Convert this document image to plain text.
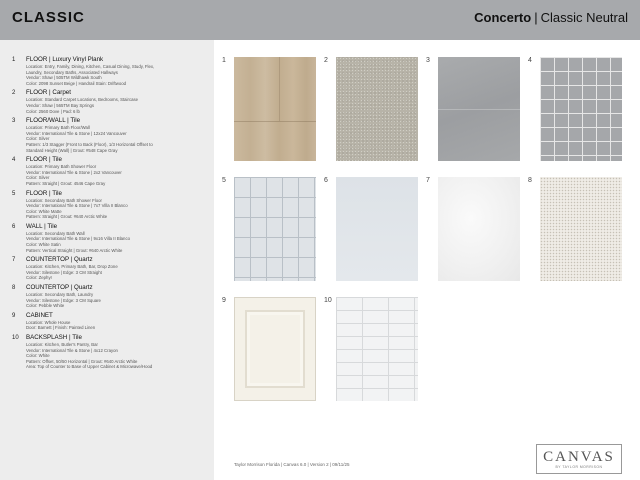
CLASSIC	Concerto | Classic Neutral
1	FLOOR | Luxury Vinyl Plank
Location: Entry, Family, Dining, Kitchen, Casual Dining, Study, Flex,
Laundry, Secondary Baths, Associated Hallways
Vendor: Shaw | 505TM Wildhawk South
Color: 2098 Sunset Beige | Handrail Stain: Driftwood
2	FLOOR | Carpet
Location: Standard Carpet Locations, Bedrooms, Staircase
Vendor: Shaw | 565TM Bay Springs
Color: 2560 Dove | Pad: 6 lb
3	FLOOR/WALL | Tile
Location: Primary Bath Floor/Wall
Vendor: International Tile & Stone | 12x24 Vancouver
Color: Silver
Pattern: 1/3 Stagger (Front to Back (Floor), 1/3 Horizontal Offset to
Standard Height (Wall) | Grout: #548 Cape Gray
4	FLOOR | Tile
Location: Primary Bath Shower Floor
Vendor: International Tile & Stone | 2x2 Vancouver
Color: Silver
Pattern: Straight | Grout: 4546 Cape Gray
5	FLOOR | Tile
Location: Secondary Bath Shower Floor
Vendor: International Tile & Stone | 7x7 Villa II Blanco
Color: White Matte
Pattern: Straight | Grout: #640 Arctic White
6	WALL | Tile
Location: Secondary Bath Wall
Vendor: International Tile & Stone | 9x16 Villa II Blanco
Color: White Satin
Pattern: Vertical Straight | Grout: #640 Arctic White
7	COUNTERTOP | Quartz
Location: Kitchen, Primary Bath, Bar, Drop Zone
Vendor: Silestone | Edge: 3 CM Straight
Color: Zephyr
8	COUNTERTOP | Quartz
Location: Secondary Bath, Laundry
Vendor: Silestone | Edge: 3 CM Square
Color: Pebble White
9	CABINET
Location: Whole House
Door: Barnett | Finish: Painted Linen
10	BACKSPLASH | Tile
Location: Kitchen, Butler's Pantry, Bar
Vendor: International Tile & Stone | 4x12 Crayon
Color: White
Pattern: Offset, 50/50 Horizontal | Grout: #640 Arctic White
Area: Top of Counter to Base of Upper Cabinet & Microwave/Hood
1	2	3	4
5	6	7	8
9	10
Taylor Morrison Florida | Canvas 6.0 | Version 2 | 09/11/25	CANVAS
BY TAYLOR MORRISON
